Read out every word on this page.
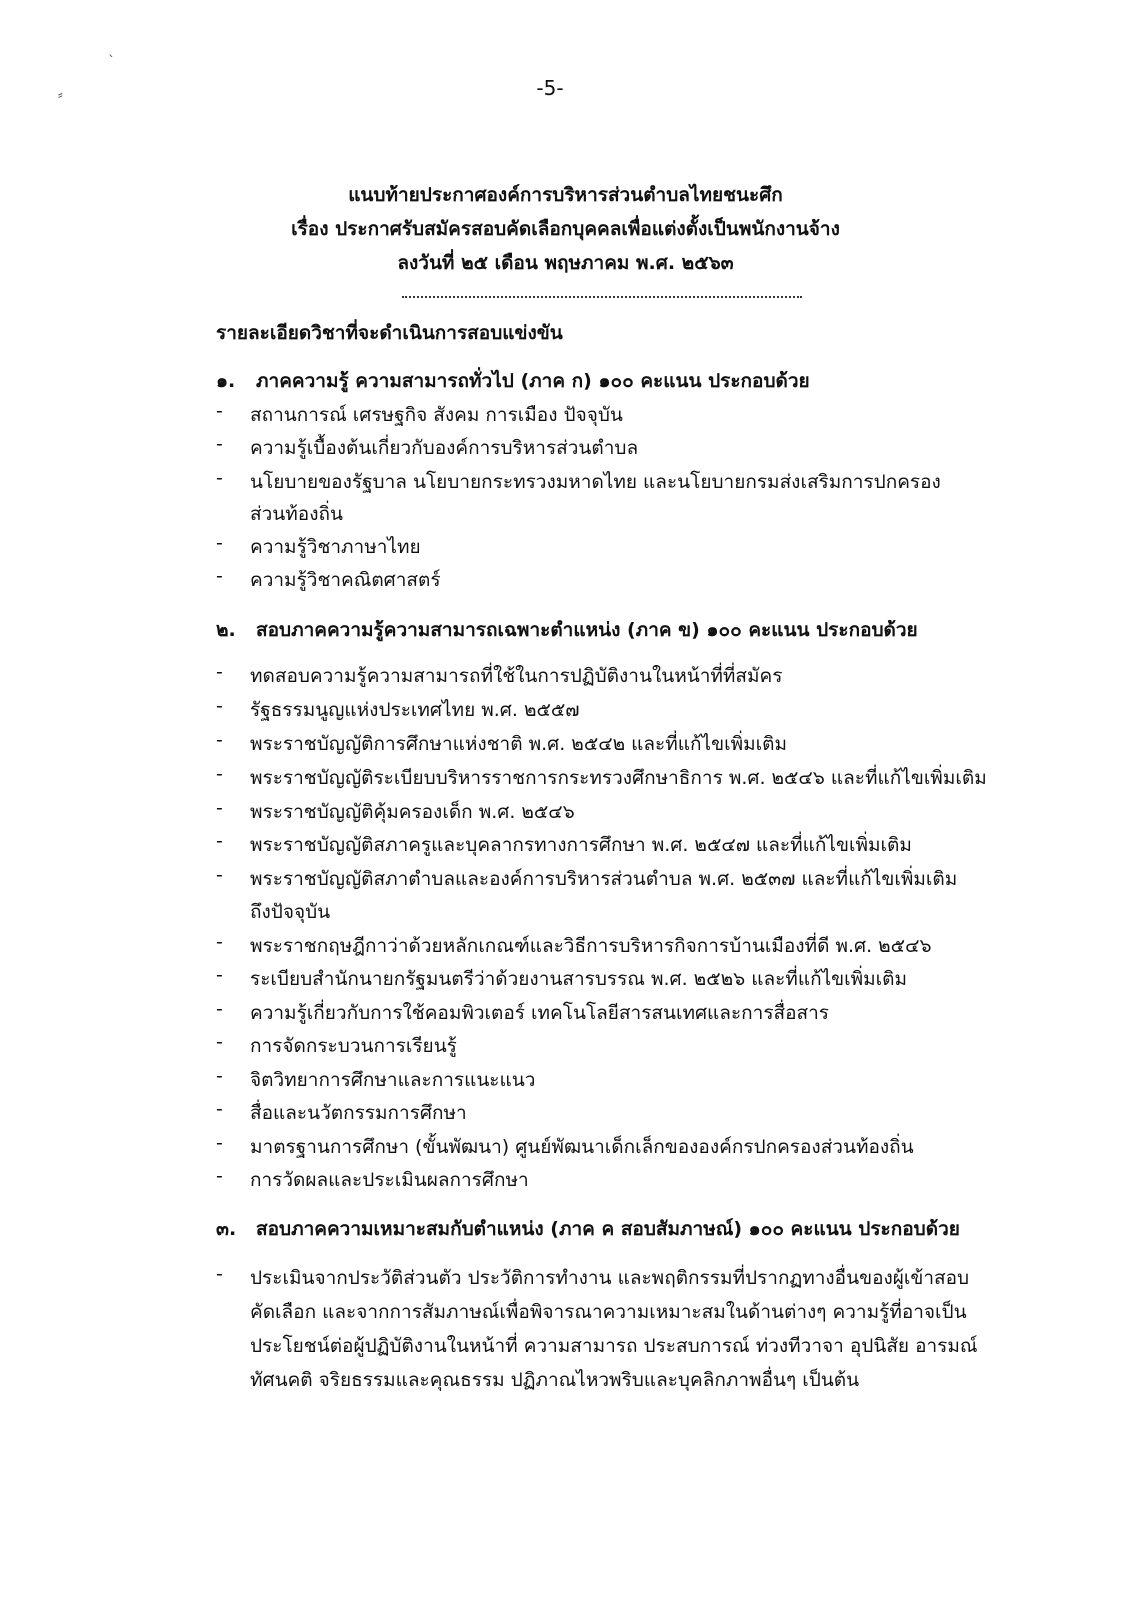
`
⸗	-5-
แนบท้ายประกาศองค์การบริหารส่วนตำบลไทยชนะศึก
เรื่อง ประกาศรับสมัครสอบคัดเลือกบุคคลเพื่อแต่งตั้งเป็นพนักงานจ้าง
ลงวันที่ ๒๕ เดือน พฤษภาคม พ.ศ. ๒๕๖๓
รายละเอียดวิชาที่จะดำเนินการสอบแข่งขัน
๑.	ภาคความรู้ ความสามารถทั่วไป (ภาค ก) ๑๐๐ คะแนน ประกอบด้วย
- สถานการณ์ เศรษฐกิจ สังคม การเมือง ปัจจุบัน
- ความรู้เบื้องต้นเกี่ยวกับองค์การบริหารส่วนตำบล
- นโยบายของรัฐบาล นโยบายกระทรวงมหาดไทย และนโยบายกรมส่งเสริมการปกครอง
ส่วนท้องถิ่น
- ความรู้วิชาภาษาไทย
- ความรู้วิชาคณิตศาสตร์
๒.	สอบภาคความรู้ความสามารถเฉพาะตำแหน่ง (ภาค ข) ๑๐๐ คะแนน ประกอบด้วย
- ทดสอบความรู้ความสามารถที่ใช้ในการปฏิบัติงานในหน้าที่ที่สมัคร
- รัฐธรรมนูญแห่งประเทศไทย พ.ศ. ๒๕๕๗
- พระราชบัญญัติการศึกษาแห่งชาติ พ.ศ. ๒๕๔๒ และที่แก้ไขเพิ่มเติม
- พระราชบัญญัติระเบียบบริหารราชการกระทรวงศึกษาธิการ พ.ศ. ๒๕๔๖ และที่แก้ไขเพิ่มเติม
- พระราชบัญญัติคุ้มครองเด็ก พ.ศ. ๒๕๔๖
- พระราชบัญญัติสภาครูและบุคลากรทางการศึกษา พ.ศ. ๒๕๔๗ และที่แก้ไขเพิ่มเติม
- พระราชบัญญัติสภาตำบลและองค์การบริหารส่วนตำบล พ.ศ. ๒๕๓๗ และที่แก้ไขเพิ่มเติม
ถึงปัจจุบัน
- พระราชกฤษฎีกาว่าด้วยหลักเกณฑ์และวิธีการบริหารกิจการบ้านเมืองที่ดี พ.ศ. ๒๕๔๖
- ระเบียบสำนักนายกรัฐมนตรีว่าด้วยงานสารบรรณ พ.ศ. ๒๕๒๖ และที่แก้ไขเพิ่มเติม
- ความรู้เกี่ยวกับการใช้คอมพิวเตอร์ เทคโนโลยีสารสนเทศและการสื่อสาร
- การจัดกระบวนการเรียนรู้
- จิตวิทยาการศึกษาและการแนะแนว
- สื่อและนวัตกรรมการศึกษา
- มาตรฐานการศึกษา (ขั้นพัฒนา) ศูนย์พัฒนาเด็กเล็กขององค์กรปกครองส่วนท้องถิ่น
- การวัดผลและประเมินผลการศึกษา
๓.	สอบภาคความเหมาะสมกับตำแหน่ง (ภาค ค สอบสัมภาษณ์) ๑๐๐ คะแนน ประกอบด้วย
- ประเมินจากประวัติส่วนตัว ประวัติการทำงาน และพฤติกรรมที่ปรากฏทางอื่นของผู้เข้าสอบ
คัดเลือก และจากการสัมภาษณ์เพื่อพิจารณาความเหมาะสมในด้านต่างๆ ความรู้ที่อาจเป็น
ประโยชน์ต่อผู้ปฏิบัติงานในหน้าที่ ความสามารถ ประสบการณ์ ท่วงทีวาจา อุปนิสัย อารมณ์
ทัศนคติ จริยธรรมและคุณธรรม ปฏิภาณไหวพริบและบุคลิกภาพอื่นๆ เป็นต้น
